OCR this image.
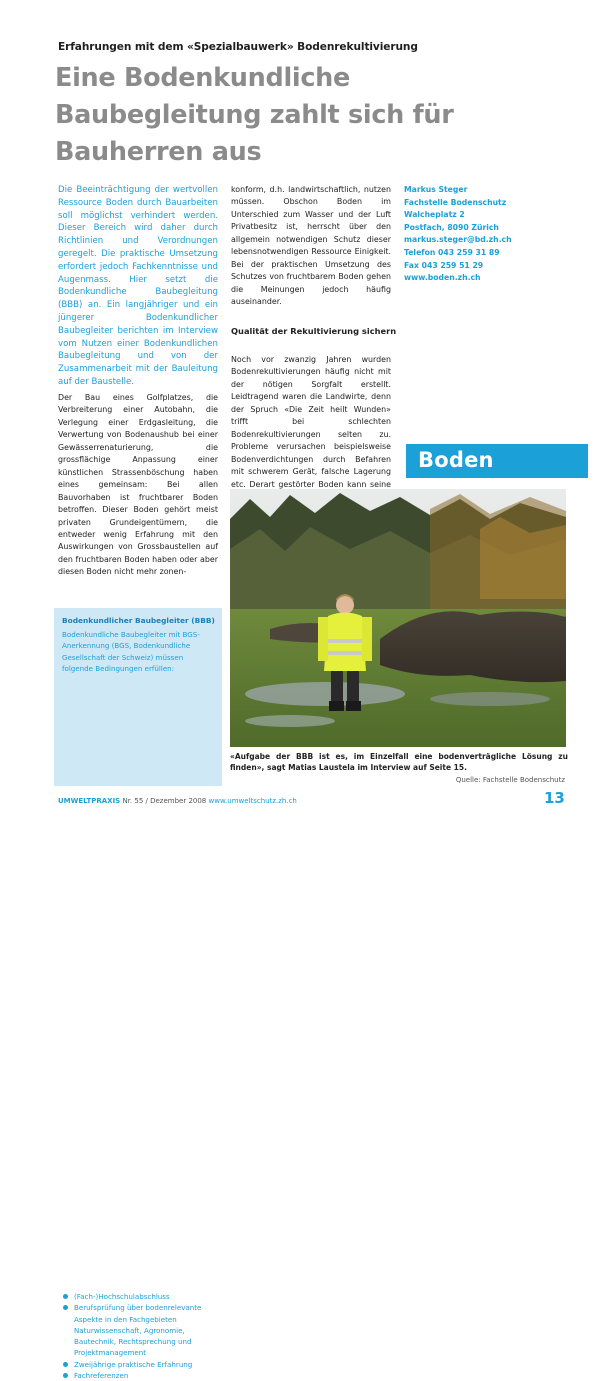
Erfahrungen mit dem «Spezialbauwerk» Bodenrekultivierung
Eine Bodenkundliche Baubegleitung zahlt sich für Bauherren aus
Die Beeinträchtigung der wertvollen Ressource Boden durch Bauarbeiten soll möglichst verhindert werden. Dieser Bereich wird daher durch Richtlinien und Verordnungen geregelt. Die praktische Umsetzung erfordert jedoch Fachkenntnisse und Augenmass. Hier setzt die Bodenkundliche Baubegleitung (BBB) an. Ein langjähriger und ein jüngerer Bodenkundlicher Baubegleiter berichten im Interview vom Nutzen einer Bodenkundlichen Baubegleitung und von der Zusammenarbeit mit der Bauleitung auf der Baustelle.
Der Bau eines Golfplatzes, die Verbreiterung einer Autobahn, die Verlegung einer Erdgasleitung, die Verwertung von Bodenaushub bei einer Gewässerrenaturierung, die grossflächige Anpassung einer künstlichen Strassenböschung haben eines gemeinsam: Bei allen Bauvorhaben ist fruchtbarer Boden betroffen. Dieser Boden gehört meist privaten Grundeigentümern, die entweder wenig Erfahrung mit den Auswirkungen von Grossbaustellen auf den fruchtbaren Boden haben oder aber diesen Boden nicht mehr zonen-
konform, d.h. landwirtschaftlich, nutzen müssen. Obschon Boden im Unterschied zum Wasser und der Luft Privatbesitz ist, herrscht über den allgemein notwendigen Schutz dieser lebensnotwendigen Ressource Einigkeit. Bei der praktischen Umsetzung des Schutzes von fruchtbarem Boden gehen die Meinungen jedoch häufig auseinander.
Qualität der Rekultivierung sichern
Noch vor zwanzig Jahren wurden Bodenrekultivierungen häufig nicht mit der nötigen Sorgfalt erstellt. Leidtragend waren die Landwirte, denn der Spruch «Die Zeit heilt Wunden» trifft bei schlechten Bodenrekultivierungen selten zu. Probleme verursachen beispielsweise Bodenverdichtungen durch Befahren mit schwerem Gerät, falsche Lagerung etc. Derart gestörter Boden kann seine
Markus Steger
Fachstelle Bodenschutz
Walcheplatz 2
Postfach, 8090 Zürich
markus.steger@bd.zh.ch
Telefon 043 259 31 89
Fax 043 259 51 29
www.boden.zh.ch
Boden
Bodenkundlicher Baubegleiter (BBB)
Bodenkundliche Baubegleiter mit BGS-Anerkennung (BGS, Bodenkundliche Gesellschaft der Schweiz) müssen folgende Bedingungen erfüllen:
(Fach-)Hochschulabschluss
Berufsprüfung über bodenrelevante Aspekte in den Fachgebieten Naturwissenschaft, Agronomie, Bautechnik, Rechtsprechung und Projektmanagement
Zweijährige praktische Erfahrung
Fachreferenzen
«Aufgabe der BBB ist es, im Einzelfall eine bodenverträgliche Lösung zu finden», sagt Matias Laustela im Interview auf Seite 15.
Quelle: Fachstelle Bodenschutz
UMWELTPRAXIS Nr. 55 / Dezember 2008 www.umweltschutz.zh.ch	13
